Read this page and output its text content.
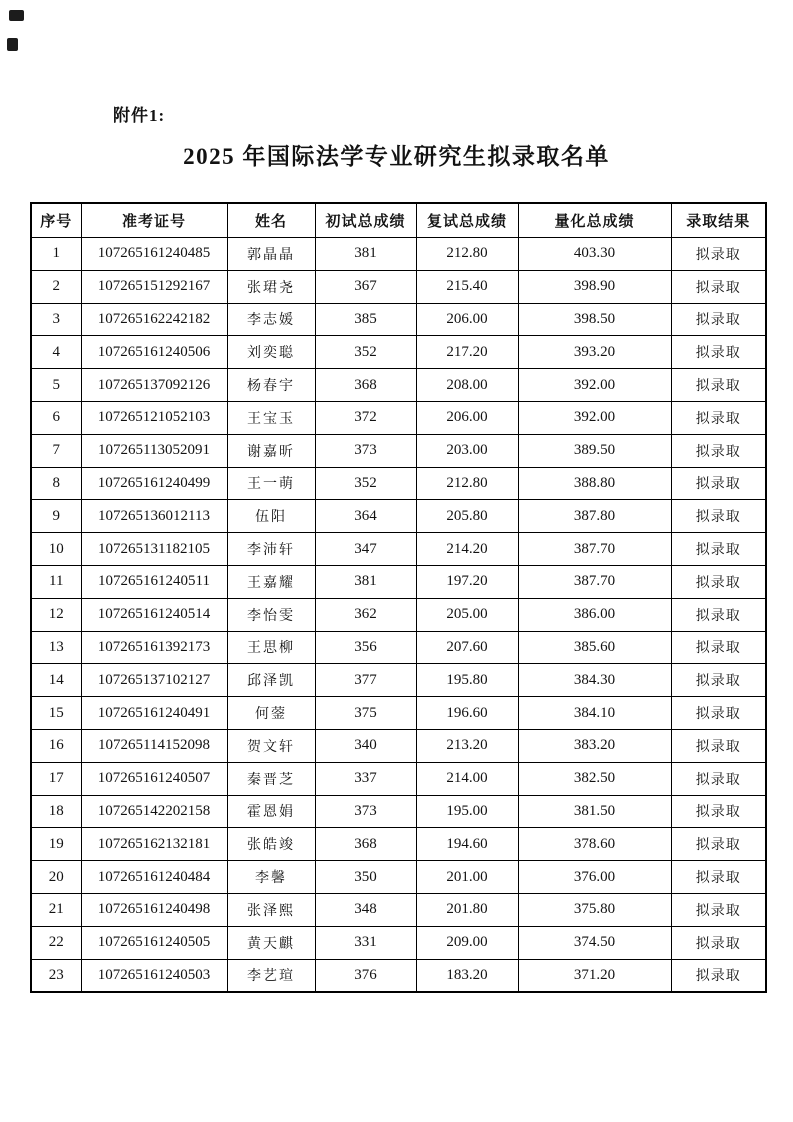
附件1:
2025 年国际法学专业研究生拟录取名单
序号	准考证号	姓名	初试总成绩	复试总成绩	量化总成绩	录取结果
1	107265161240485	郭晶晶	381	212.80	403.30	拟录取
2	107265151292167	张珺尧	367	215.40	398.90	拟录取
3	107265162242182	李志媛	385	206.00	398.50	拟录取
4	107265161240506	刘奕聪	352	217.20	393.20	拟录取
5	107265137092126	杨春宇	368	208.00	392.00	拟录取
6	107265121052103	王宝玉	372	206.00	392.00	拟录取
7	107265113052091	谢嘉昕	373	203.00	389.50	拟录取
8	107265161240499	王一萌	352	212.80	388.80	拟录取
9	107265136012113	伍阳	364	205.80	387.80	拟录取
10	107265131182105	李沛轩	347	214.20	387.70	拟录取
11	107265161240511	王嘉耀	381	197.20	387.70	拟录取
12	107265161240514	李怡雯	362	205.00	386.00	拟录取
13	107265161392173	王思柳	356	207.60	385.60	拟录取
14	107265137102127	邱泽凯	377	195.80	384.30	拟录取
15	107265161240491	何蓥	375	196.60	384.10	拟录取
16	107265114152098	贺文轩	340	213.20	383.20	拟录取
17	107265161240507	秦晋芝	337	214.00	382.50	拟录取
18	107265142202158	霍恩娟	373	195.00	381.50	拟录取
19	107265162132181	张皓竣	368	194.60	378.60	拟录取
20	107265161240484	李馨	350	201.00	376.00	拟录取
21	107265161240498	张泽熙	348	201.80	375.80	拟录取
22	107265161240505	黄天麒	331	209.00	374.50	拟录取
23	107265161240503	李艺瑄	376	183.20	371.20	拟录取
